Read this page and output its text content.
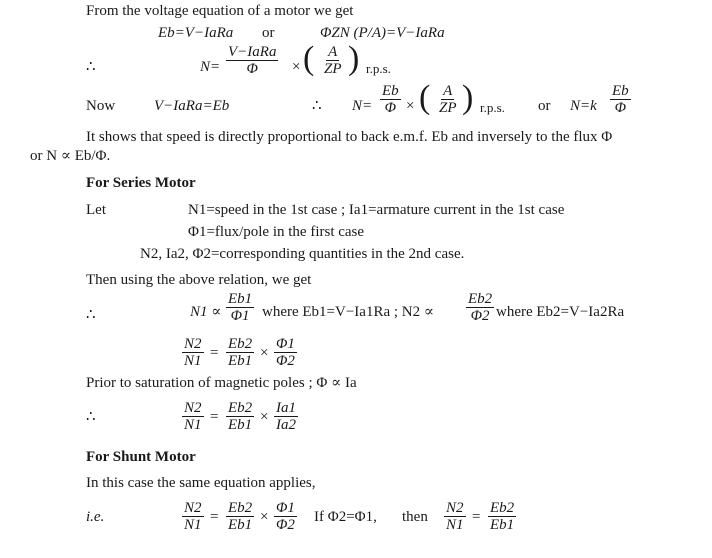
From the voltage equation of a motor we get
Eb=V−IaRa or	ΦZN (P/A)=V−IaRa
∴	N=
V−IaRa
Φ × ( $\frac{A}{ZP}$ ) r.p.s.
Now	V−IaRa=Eb	∴ $N= \frac{Eb}{\Phi}$ × ( $\frac{A}{ZP}$ ) r.p.s. or $N=k \frac{Eb}{\Phi}$
It shows that speed is directly proportional to back e.m.f. Eb and inversely to the flux Φ
or N ∝ Eb/Φ.
For Series Motor
Let	N1=speed in the 1st case ; Ia1=armature current in the 1st case
Φ1=flux/pole in the first case
N2, Ia2, Φ2=corresponding quantities in the 2nd case.
Then using the above relation, we get
∴	$N1 \propto \frac{Eb1}{\Phi 1}$ where Eb1=V−Ia1Ra ; $N2 \propto \frac{Eb2}{\Phi 2}$ where Eb2=V−Ia2Ra
$\frac{N2}{N1} = \frac{Eb2}{Eb1} \times \frac{\Phi 1}{\Phi 2}$
Prior to saturation of magnetic poles ; Φ ∝ Ia
∴	$\frac{N2}{N1} = \frac{Eb2}{Eb1} \times \frac{Ia1}{Ia2}$
For Shunt Motor
In this case the same equation applies,
i.e.	$\frac{N2}{N1} = \frac{Eb2}{Eb1} \times \frac{\Phi 1}{\Phi 2}$ If Φ2=Φ1, then $\frac{N2}{N1} = \frac{Eb2}{Eb1}$
